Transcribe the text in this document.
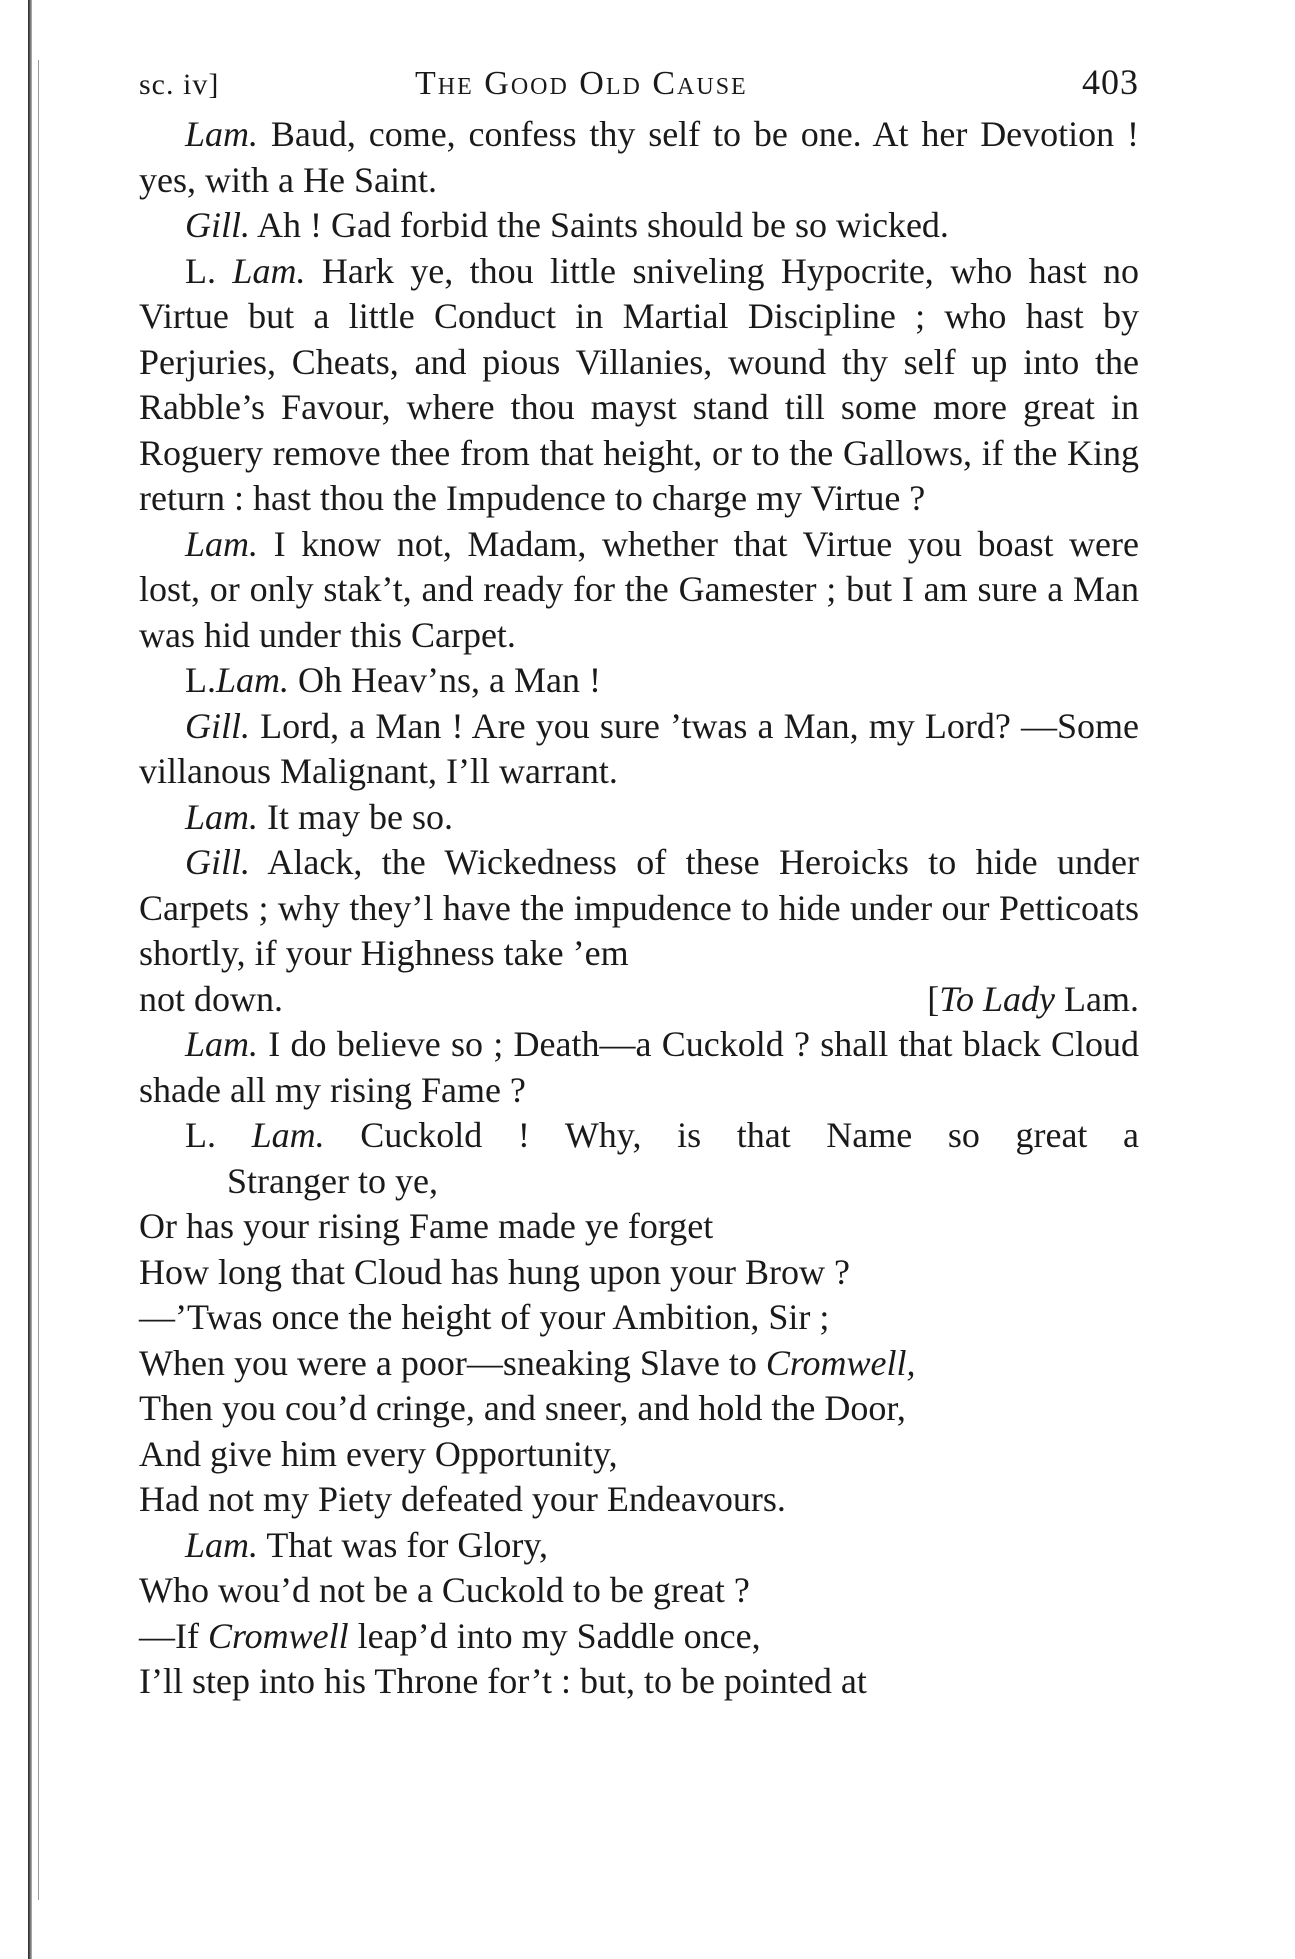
sc. iv]	The Good Old Cause	403
Lam. Baud, come, confess thy self to be one. At her Devotion ! yes, with a He Saint.
Gill. Ah ! Gad forbid the Saints should be so wicked.
L. Lam. Hark ye, thou little sniveling Hypocrite, who hast no Virtue but a little Conduct in Martial Discipline ; who hast by Perjuries, Cheats, and pious Villanies, wound thy self up into the Rabble’s Favour, where thou mayst stand till some more great in Roguery remove thee from that height, or to the Gallows, if the King return : hast thou the Impudence to charge my Virtue ?
Lam. I know not, Madam, whether that Virtue you boast were lost, or only stak’t, and ready for the Gamester ; but I am sure a Man was hid under this Carpet.
L.Lam. Oh Heav’ns, a Man !
Gill. Lord, a Man ! Are you sure ’twas a Man, my Lord? —Some villanous Malignant, I’ll warrant.
Lam. It may be so.
Gill. Alack, the Wickedness of these Heroicks to hide under Carpets ; why they’l have the impudence to hide under our Petticoats shortly, if your Highness take ’em
not down.	[To Lady Lam.
Lam. I do believe so ; Death—a Cuckold ? shall that black Cloud shade all my rising Fame ?
L. Lam. Cuckold ! Why, is that Name so great a
Stranger to ye,
Or has your rising Fame made ye forget
How long that Cloud has hung upon your Brow ?
—’Twas once the height of your Ambition, Sir ;
When you were a poor—sneaking Slave to Cromwell,
Then you cou’d cringe, and sneer, and hold the Door,
And give him every Opportunity,
Had not my Piety defeated your Endeavours.
Lam. That was for Glory,
Who wou’d not be a Cuckold to be great ?
—If Cromwell leap’d into my Saddle once,
I’ll step into his Throne for’t : but, to be pointed at
